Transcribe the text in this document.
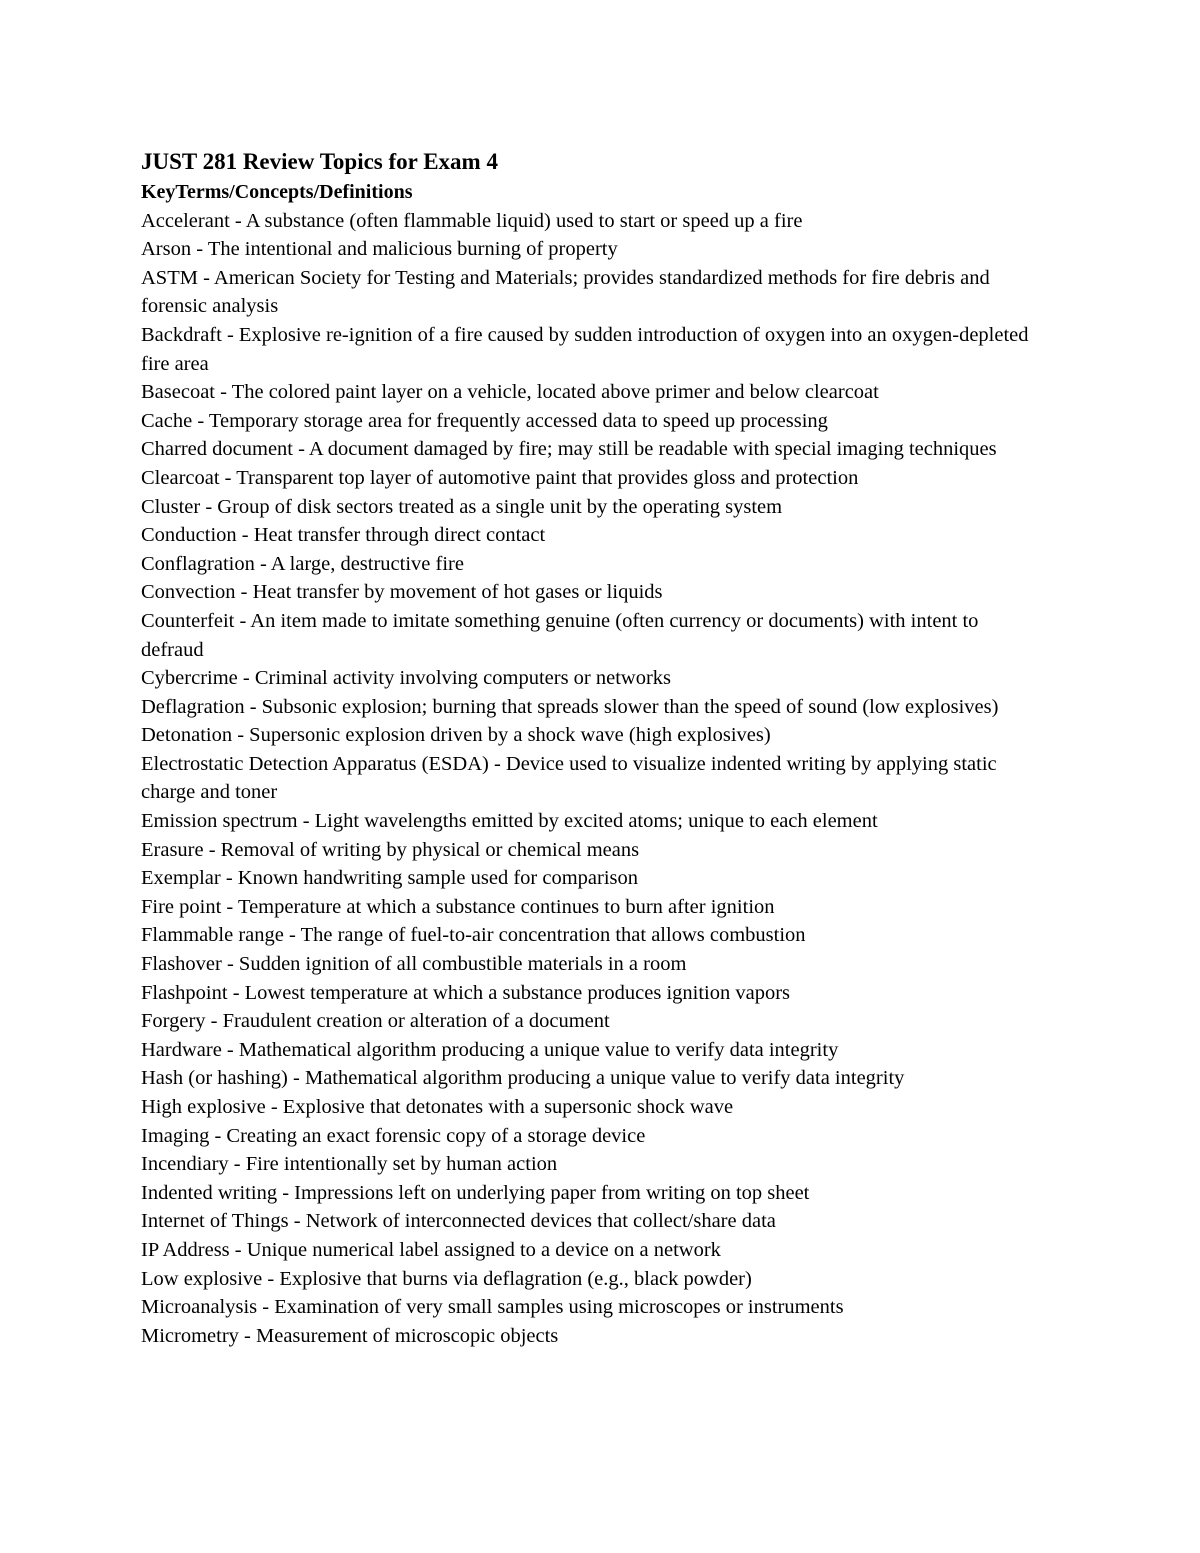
JUST 281 Review Topics for Exam 4
KeyTerms/Concepts/Definitions
Accelerant - A substance (often flammable liquid) used to start or speed up a fire
Arson - The intentional and malicious burning of property
ASTM - American Society for Testing and Materials; provides standardized methods for fire debris and forensic analysis
Backdraft - Explosive re-ignition of a fire caused by sudden introduction of oxygen into an oxygen-depleted fire area
Basecoat - The colored paint layer on a vehicle, located above primer and below clearcoat
Cache - Temporary storage area for frequently accessed data to speed up processing
Charred document - A document damaged by fire; may still be readable with special imaging techniques
Clearcoat - Transparent top layer of automotive paint that provides gloss and protection
Cluster - Group of disk sectors treated as a single unit by the operating system
Conduction - Heat transfer through direct contact
Conflagration - A large, destructive fire
Convection - Heat transfer by movement of hot gases or liquids
Counterfeit - An item made to imitate something genuine (often currency or documents) with intent to defraud
Cybercrime - Criminal activity involving computers or networks
Deflagration - Subsonic explosion; burning that spreads slower than the speed of sound (low explosives)
Detonation - Supersonic explosion driven by a shock wave (high explosives)
Electrostatic Detection Apparatus (ESDA) - Device used to visualize indented writing by applying static charge and toner
Emission spectrum - Light wavelengths emitted by excited atoms; unique to each element
Erasure - Removal of writing by physical or chemical means
Exemplar - Known handwriting sample used for comparison
Fire point - Temperature at which a substance continues to burn after ignition
Flammable range - The range of fuel-to-air concentration that allows combustion
Flashover - Sudden ignition of all combustible materials in a room
Flashpoint - Lowest temperature at which a substance produces ignition vapors
Forgery - Fraudulent creation or alteration of a document
Hardware - Mathematical algorithm producing a unique value to verify data integrity
Hash (or hashing) - Mathematical algorithm producing a unique value to verify data integrity
High explosive - Explosive that detonates with a supersonic shock wave
Imaging - Creating an exact forensic copy of a storage device
Incendiary - Fire intentionally set by human action
Indented writing - Impressions left on underlying paper from writing on top sheet
Internet of Things - Network of interconnected devices that collect/share data
IP Address - Unique numerical label assigned to a device on a network
Low explosive - Explosive that burns via deflagration (e.g., black powder)
Microanalysis - Examination of very small samples using microscopes or instruments
Micrometry - Measurement of microscopic objects
